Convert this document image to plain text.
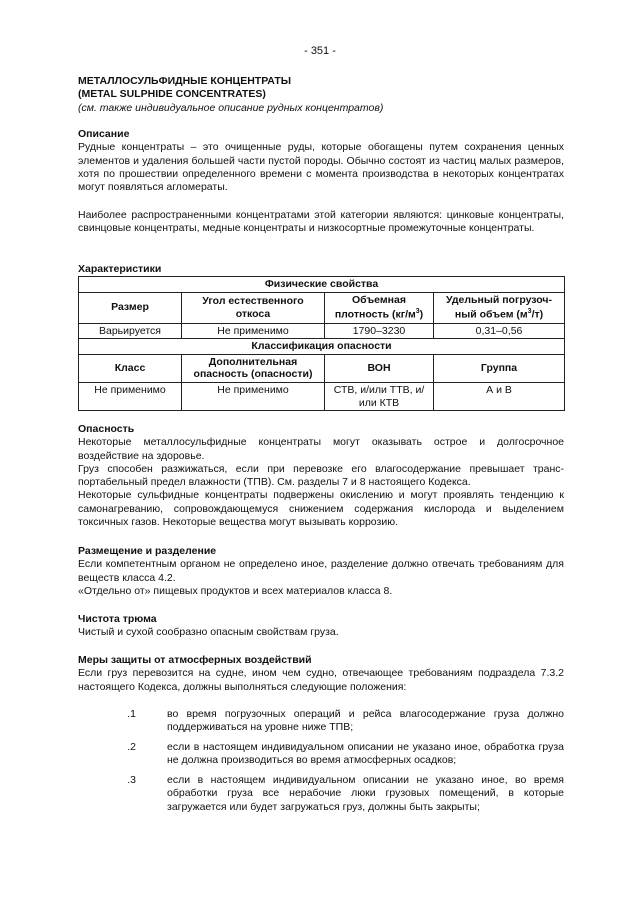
- 351 -

МЕТАЛЛОСУЛЬФИДНЫЕ КОНЦЕНТРАТЫ

(METAL SULPHIDE CONCENTRATES)

(см. также индивидуальное описание рудных концентратов)

Описание

Рудные концентраты – это очищенные руды, которые обогащены путем сохранения ценных элементов и удаления большей части пустой породы. Обычно состоят из частиц малых размеров, хотя по прошествии определенного времени с момента производства в некоторых концентратах могут появляться агломераты.

Наиболее распространенными концентратами этой категории являются: цинковые концентраты, свинцовые концентраты, медные концентраты и низкосортные промежуточные концентраты.

Характеристики

Физические свойства			
Размер	Угол естественного откоса	Объемная плотность $(кг/м^3)$	Удельный погрузочный объем $(м^3/т)$
Варьируется	Не применимо	1790–3230	0,31–0,56
Классификация опасности			
Класс	Дополнительная опасность (опасности)	ВОН	Группа
Не применимо	Не применимо	СТВ, и/или ТТВ, и/или КТВ	А и В

Опасность

Некоторые металлосульфидные концентраты могут оказывать острое и долгосрочное воздействие на здоровье.

Груз способен разжижаться, если при перевозке его влагосодержание превышает транспортабельный предел влажности (ТПВ). См. разделы 7 и 8 настоящего Кодекса.

Некоторые сульфидные концентраты подвержены окислению и могут проявлять тенденцию к самонагреванию, сопровождающемуся снижением содержания кислорода и выделением токсичных газов. Некоторые вещества могут вызывать коррозию.

Размещение и разделение

Если компетентным органом не определено иное, разделение должно отвечать требованиям для веществ класса 4.2.

«Отдельно от» пищевых продуктов и всех материалов класса 8.

Чистота трюма

Чистый и сухой сообразно опасным свойствам груза.

Меры защиты от атмосферных воздействий

Если груз перевозится на судне, ином чем судно, отвечающее требованиям подраздела 7.3.2 настоящего Кодекса, должны выполняться следующие положения:

.1	во время погрузочных операций и рейса влагосодержание груза должно поддерживаться на уровне ниже ТПВ;
.2	если в настоящем индивидуальном описании не указано иное, обработка груза не должна производиться во время атмосферных осадков;
.3	если в настоящем индивидуальном описании не указано иное, во время обработки груза все нерабочие люки грузовых помещений, в которые загружается или будет загружаться груз, должны быть закрыты;
